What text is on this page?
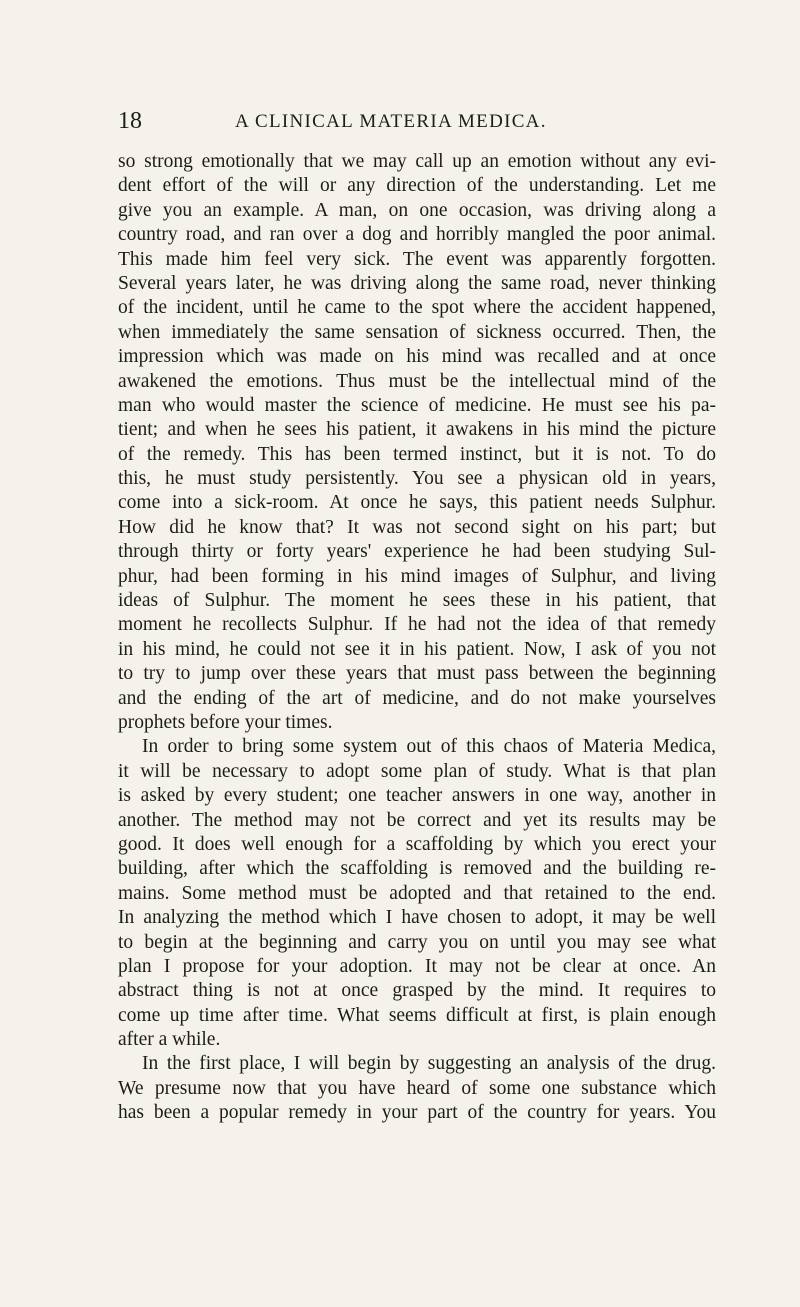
18	A CLINICAL MATERIA MEDICA.
so strong emotionally that we may call up an emotion without any evi-
dent effort of the will or any direction of the understanding. Let me
give you an example. A man, on one occasion, was driving along a
country road, and ran over a dog and horribly mangled the poor animal.
This made him feel very sick. The event was apparently forgotten.
Several years later, he was driving along the same road, never thinking
of the incident, until he came to the spot where the accident happened,
when immediately the same sensation of sickness occurred. Then, the
impression which was made on his mind was recalled and at once
awakened the emotions. Thus must be the intellectual mind of the
man who would master the science of medicine. He must see his pa-
tient; and when he sees his patient, it awakens in his mind the picture
of the remedy. This has been termed instinct, but it is not. To do
this, he must study persistently. You see a physican old in years,
come into a sick-room. At once he says, this patient needs Sulphur.
How did he know that? It was not second sight on his part; but
through thirty or forty years' experience he had been studying Sul-
phur, had been forming in his mind images of Sulphur, and living
ideas of Sulphur. The moment he sees these in his patient, that
moment he recollects Sulphur. If he had not the idea of that remedy
in his mind, he could not see it in his patient. Now, I ask of you not
to try to jump over these years that must pass between the beginning
and the ending of the art of medicine, and do not make yourselves
prophets before your times.
In order to bring some system out of this chaos of Materia Medica,
it will be necessary to adopt some plan of study. What is that plan
is asked by every student; one teacher answers in one way, another in
another. The method may not be correct and yet its results may be
good. It does well enough for a scaffolding by which you erect your
building, after which the scaffolding is removed and the building re-
mains. Some method must be adopted and that retained to the end.
In analyzing the method which I have chosen to adopt, it may be well
to begin at the beginning and carry you on until you may see what
plan I propose for your adoption. It may not be clear at once. An
abstract thing is not at once grasped by the mind. It requires to
come up time after time. What seems difficult at first, is plain enough
after a while.
In the first place, I will begin by suggesting an analysis of the drug.
We presume now that you have heard of some one substance which
has been a popular remedy in your part of the country for years. You
